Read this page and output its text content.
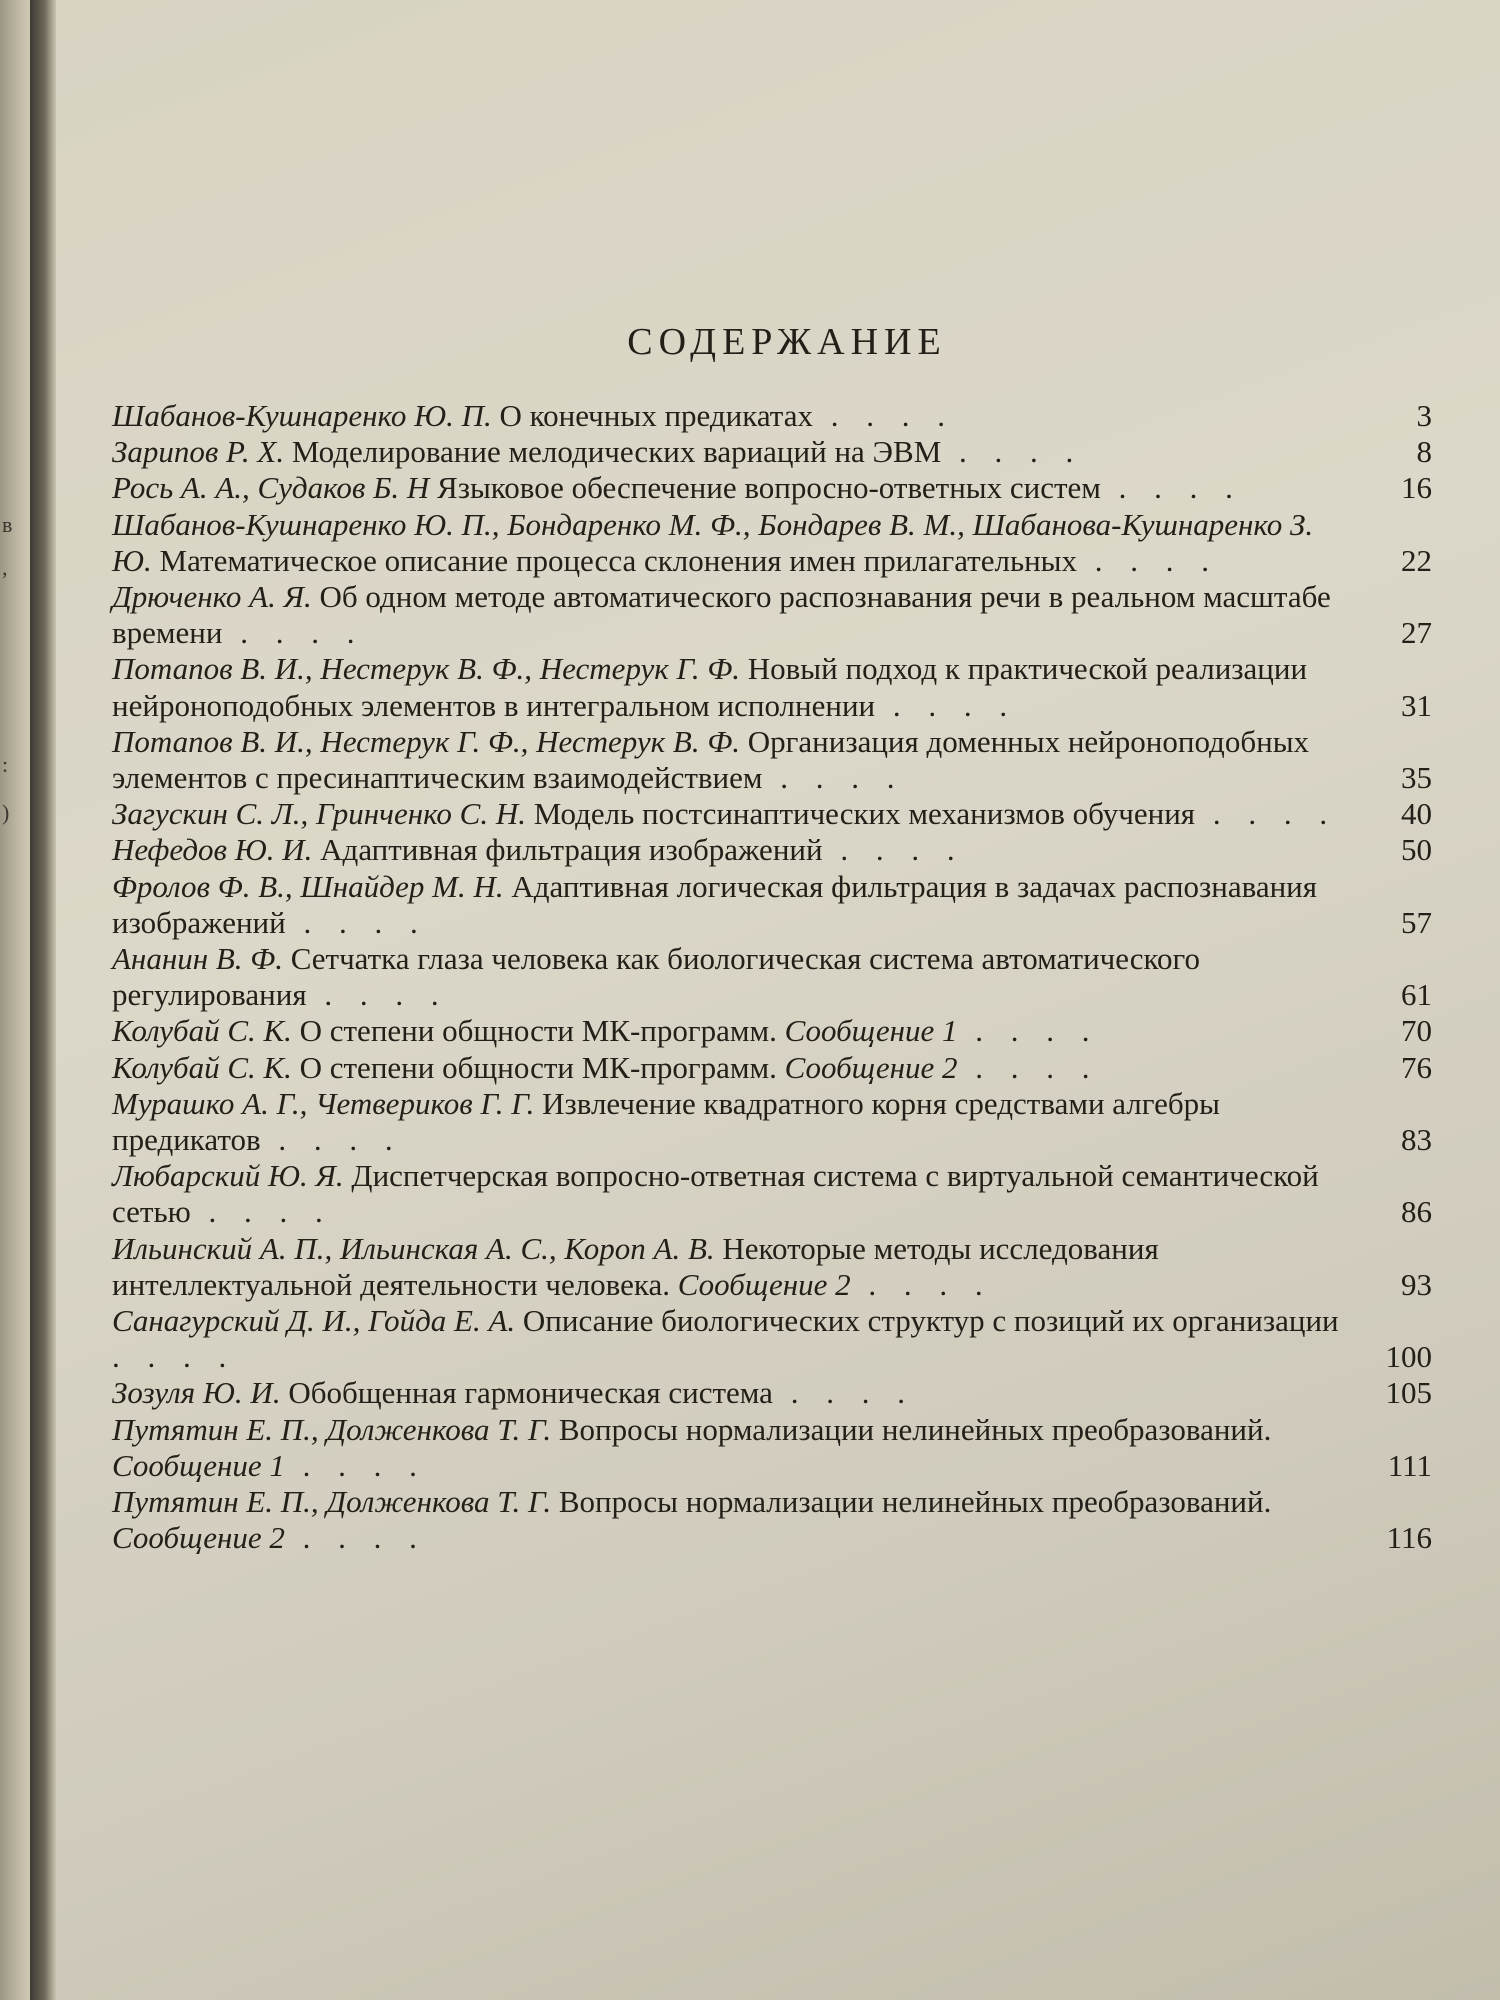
в
,
:
)
СОДЕРЖАНИЕ
Шабанов-Кушнаренко Ю. П. О конечных предикатах . . . .	3
Зарипов Р. Х. Моделирование мелодических вариаций на ЭВМ . . . .	8
Рось А. А., Судаков Б. Н Языковое обеспечение вопросно-ответных систем . . . .	16
Шабанов-Кушнаренко Ю. П., Бондаренко М. Ф., Бондарев В. М., Шабанова-Кушнаренко З. Ю. Математическое описание процесса склонения имен прилагательных . . . .	22
Дрюченко А. Я. Об одном методе автоматического распознавания речи в реальном масштабе времени . . . .	27
Потапов В. И., Нестерук В. Ф., Нестерук Г. Ф. Новый подход к практической реализации нейроноподобных элементов в интегральном исполнении . . . .	31
Потапов В. И., Нестерук Г. Ф., Нестерук В. Ф. Организация доменных нейроноподобных элементов с пресинаптическим взаимодействием . . . .	35
Загускин С. Л., Гринченко С. Н. Модель постсинаптических механизмов обучения . . . .	40
Нефедов Ю. И. Адаптивная фильтрация изображений . . . .	50
Фролов Ф. В., Шнайдер М. Н. Адаптивная логическая фильтрация в задачах распознавания изображений . . . .	57
Ананин В. Ф. Сетчатка глаза человека как биологическая система автоматического регулирования . . . .	61
Колубай С. К. О степени общности МК-программ. Сообщение 1 . . . .	70
Колубай С. К. О степени общности МК-программ. Сообщение 2 . . . .	76
Мурашко А. Г., Четвериков Г. Г. Извлечение квадратного корня средствами алгебры предикатов . . . .	83
Любарский Ю. Я. Диспетчерская вопросно-ответная система с виртуальной семантической сетью . . . .	86
Ильинский А. П., Ильинская А. С., Короп А. В. Некоторые методы исследования интеллектуальной деятельности человека. Сообщение 2 . . . .	93
Санагурский Д. И., Гойда Е. А. Описание биологических структур с позиций их организации . . . .	100
Зозуля Ю. И. Обобщенная гармоническая система . . . .	105
Путятин Е. П., Долженкова Т. Г. Вопросы нормализации нелинейных преобразований. Сообщение 1 . . . .	111
Путятин Е. П., Долженкова Т. Г. Вопросы нормализации нелинейных преобразований. Сообщение 2 . . . .	116
